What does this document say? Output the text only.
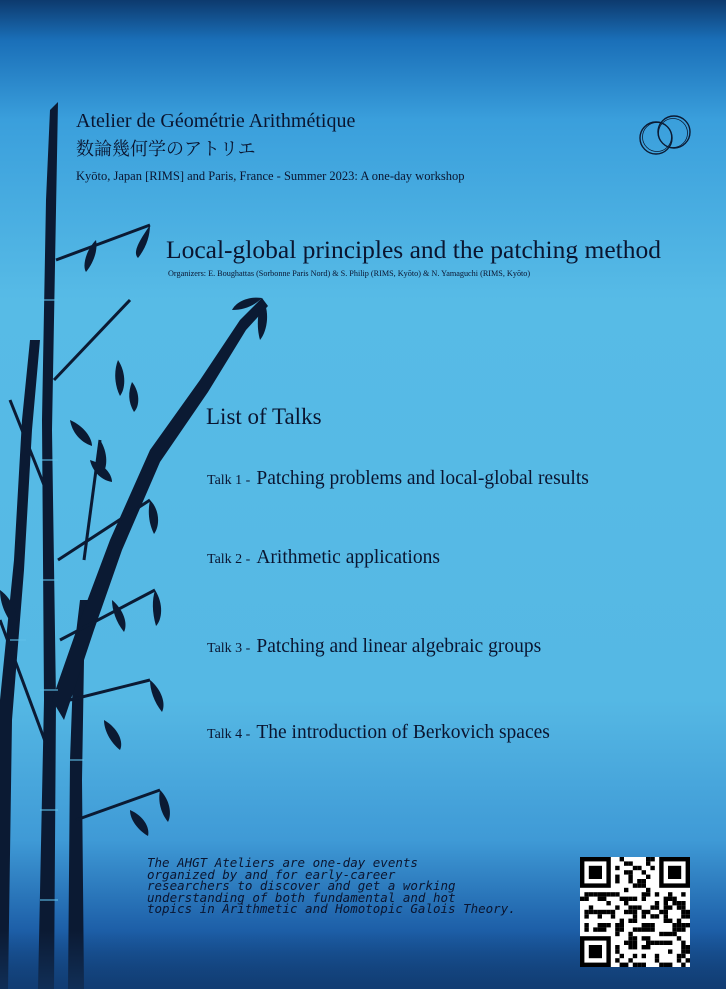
Atelier de Géométrie Arithmétique

数論幾何学のアトリエ

Kyōto, Japan [RIMS] and Paris, France - Summer 2023: A one-day workshop

Local-global principles and the patching method

Organizers: E. Boughattas (Sorbonne Paris Nord) & S. Philip (RIMS, Kyōto) & N. Yamaguchi (RIMS, Kyōto)

List of Talks

Talk 1 - Patching problems and local-global results
Talk 2 - Arithmetic applications
Talk 3 - Patching and linear algebraic groups
Talk 4 - The introduction of Berkovich spaces
The AHGT Ateliers are one-day events
organized by and for early-career
researchers to discover and get a working
understanding of both fundamental and hot
topics in Arithmetic and Homotopic Galois Theory.
